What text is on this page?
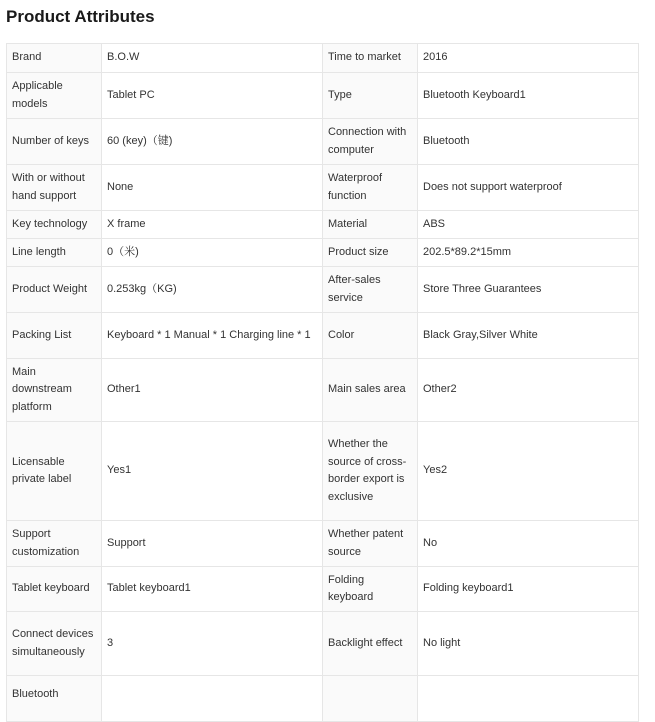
Product Attributes
Brand	B.O.W	Time to market	2016
Applicable models	Tablet PC	Type	Bluetooth Keyboard1
Number of keys	60 (key)（键)	Connection with computer	Bluetooth
With or without hand support	None	Waterproof function	Does not support waterproof
Key technology	X frame	Material	ABS
Line length	0（米)	Product size	202.5*89.2*15mm
Product Weight	0.253kg（KG)	After-sales service	Store Three Guarantees
Packing List	Keyboard * 1 Manual * 1 Charging line * 1	Color	Black Gray,Silver White
Main downstream platform	Other1	Main sales area	Other2
Licensable private label	Yes1	Whether the source of cross-border export is exclusive	Yes2
Support customization	Support	Whether patent source	No
Tablet keyboard	Tablet keyboard1	Folding keyboard	Folding keyboard1
Connect devices simultaneously	3	Backlight effect	No light
Bluetooth			
